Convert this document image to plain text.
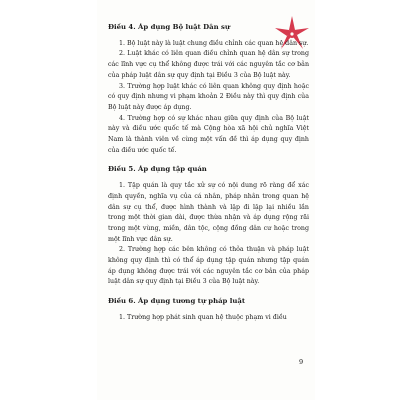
Điều 4. Áp dụng Bộ luật Dân sự

1. Bộ luật này là luật chung điều chỉnh các quan hệ dân sự.

2. Luật khác có liên quan điều chỉnh quan hệ dân sự trong các lĩnh vực cụ thể không được trái với các nguyên tắc cơ bản của pháp luật dân sự quy định tại Điều 3 của Bộ luật này.

3. Trường hợp luật khác có liên quan không quy định hoặc có quy định nhưng vi phạm khoản 2 Điều này thì quy định của Bộ luật này được áp dụng.

4. Trường hợp có sự khác nhau giữa quy định của Bộ luật này và điều ước quốc tế mà Cộng hòa xã hội chủ nghĩa Việt Nam là thành viên về cùng một vấn đề thì áp dụng quy định của điều ước quốc tế.

Điều 5. Áp dụng tập quán

1. Tập quán là quy tắc xử sự có nội dung rõ ràng để xác định quyền, nghĩa vụ của cá nhân, pháp nhân trong quan hệ dân sự cụ thể, được hình thành và lặp đi lặp lại nhiều lần trong một thời gian dài, được thừa nhận và áp dụng rộng rãi trong một vùng, miền, dân tộc, cộng đồng dân cư hoặc trong một lĩnh vực dân sự.

2. Trường hợp các bên không có thỏa thuận và pháp luật không quy định thì có thể áp dụng tập quán nhưng tập quán áp dụng không được trái với các nguyên tắc cơ bản của pháp luật dân sự quy định tại Điều 3 của Bộ luật này.

Điều 6. Áp dụng tương tự pháp luật

1. Trường hợp phát sinh quan hệ thuộc phạm vi điều

9
